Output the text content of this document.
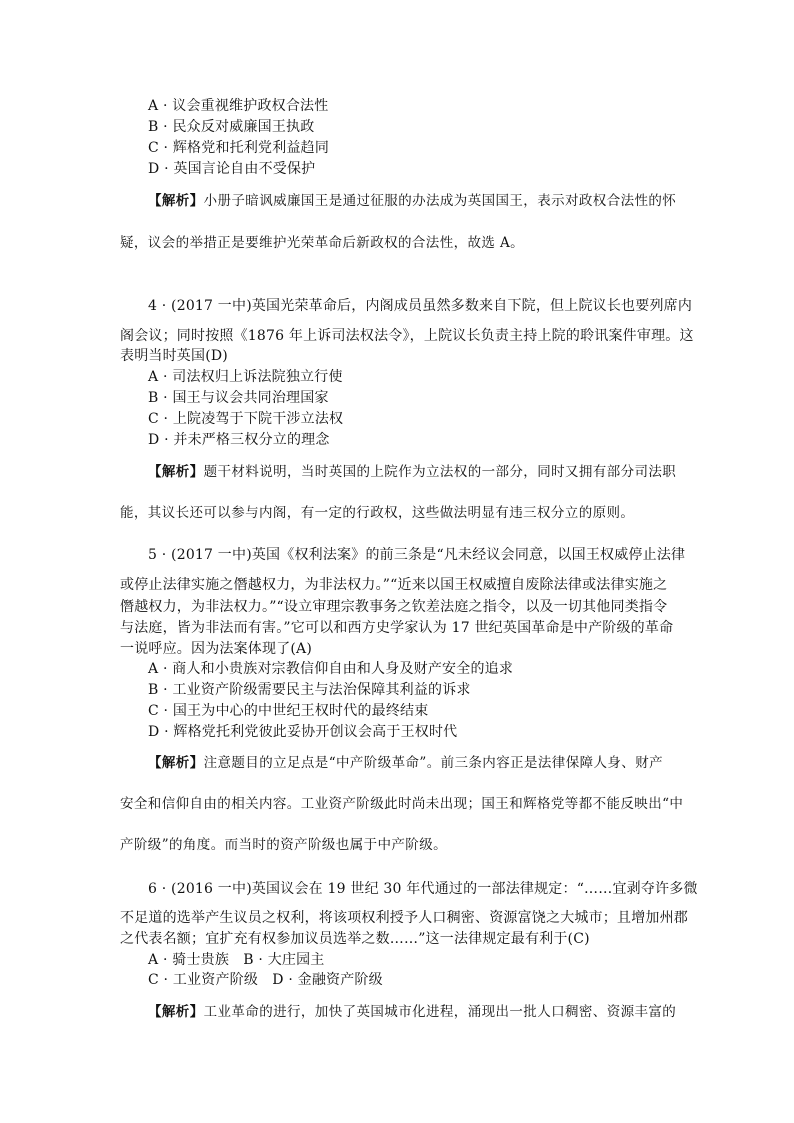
A · 议会重视维护政权合法性
B · 民众反对威廉国王执政
C · 辉格党和托利党利益趋同
D · 英国言论自由不受保护
【解析】小册子暗讽威廉国王是通过征服的办法成为英国国王，表示对政权合法性的怀
疑，议会的举措正是要维护光荣革命后新政权的合法性，故选 A。
4 · (2017 一中)英国光荣革命后，内阁成员虽然多数来自下院，但上院议长也要列席内
阁会议；同时按照《1876 年上诉司法权法令》，上院议长负责主持上院的聆讯案件审理。这
表明当时英国(D)
A · 司法权归上诉法院独立行使
B · 国王与议会共同治理国家
C · 上院凌驾于下院干涉立法权
D · 并未严格三权分立的理念
【解析】题干材料说明，当时英国的上院作为立法权的一部分，同时又拥有部分司法职
能，其议长还可以参与内阁，有一定的行政权，这些做法明显有违三权分立的原则。
5 · (2017 一中)英国《权利法案》的前三条是“凡未经议会同意，以国王权威停止法律
或停止法律实施之僭越权力，为非法权力。”“近来以国王权威擅自废除法律或法律实施之
僭越权力，为非法权力。”“设立审理宗教事务之钦差法庭之指令，以及一切其他同类指令
与法庭，皆为非法而有害。”它可以和西方史学家认为 17 世纪英国革命是中产阶级的革命
一说呼应。因为法案体现了(A)
A · 商人和小贵族对宗教信仰自由和人身及财产安全的追求
B · 工业资产阶级需要民主与法治保障其利益的诉求
C · 国王为中心的中世纪王权时代的最终结束
D · 辉格党托利党彼此妥协开创议会高于王权时代
【解析】注意题目的立足点是“中产阶级革命”。前三条内容正是法律保障人身、财产
安全和信仰自由的相关内容。工业资产阶级此时尚未出现；国王和辉格党等都不能反映出“中
产阶级”的角度。而当时的资产阶级也属于中产阶级。
6 · (2016 一中)英国议会在 19 世纪 30 年代通过的一部法律规定：“……宜剥夺许多微
不足道的选举产生议员之权利，将该项权利授予人口稠密、资源富饶之大城市；且增加州郡
之代表名额；宜扩充有权参加议员选举之数……”这一法律规定最有利于(C)
A · 骑士贵族　B · 大庄园主
C · 工业资产阶级　D · 金融资产阶级
【解析】工业革命的进行，加快了英国城市化进程，涌现出一批人口稠密、资源丰富的
